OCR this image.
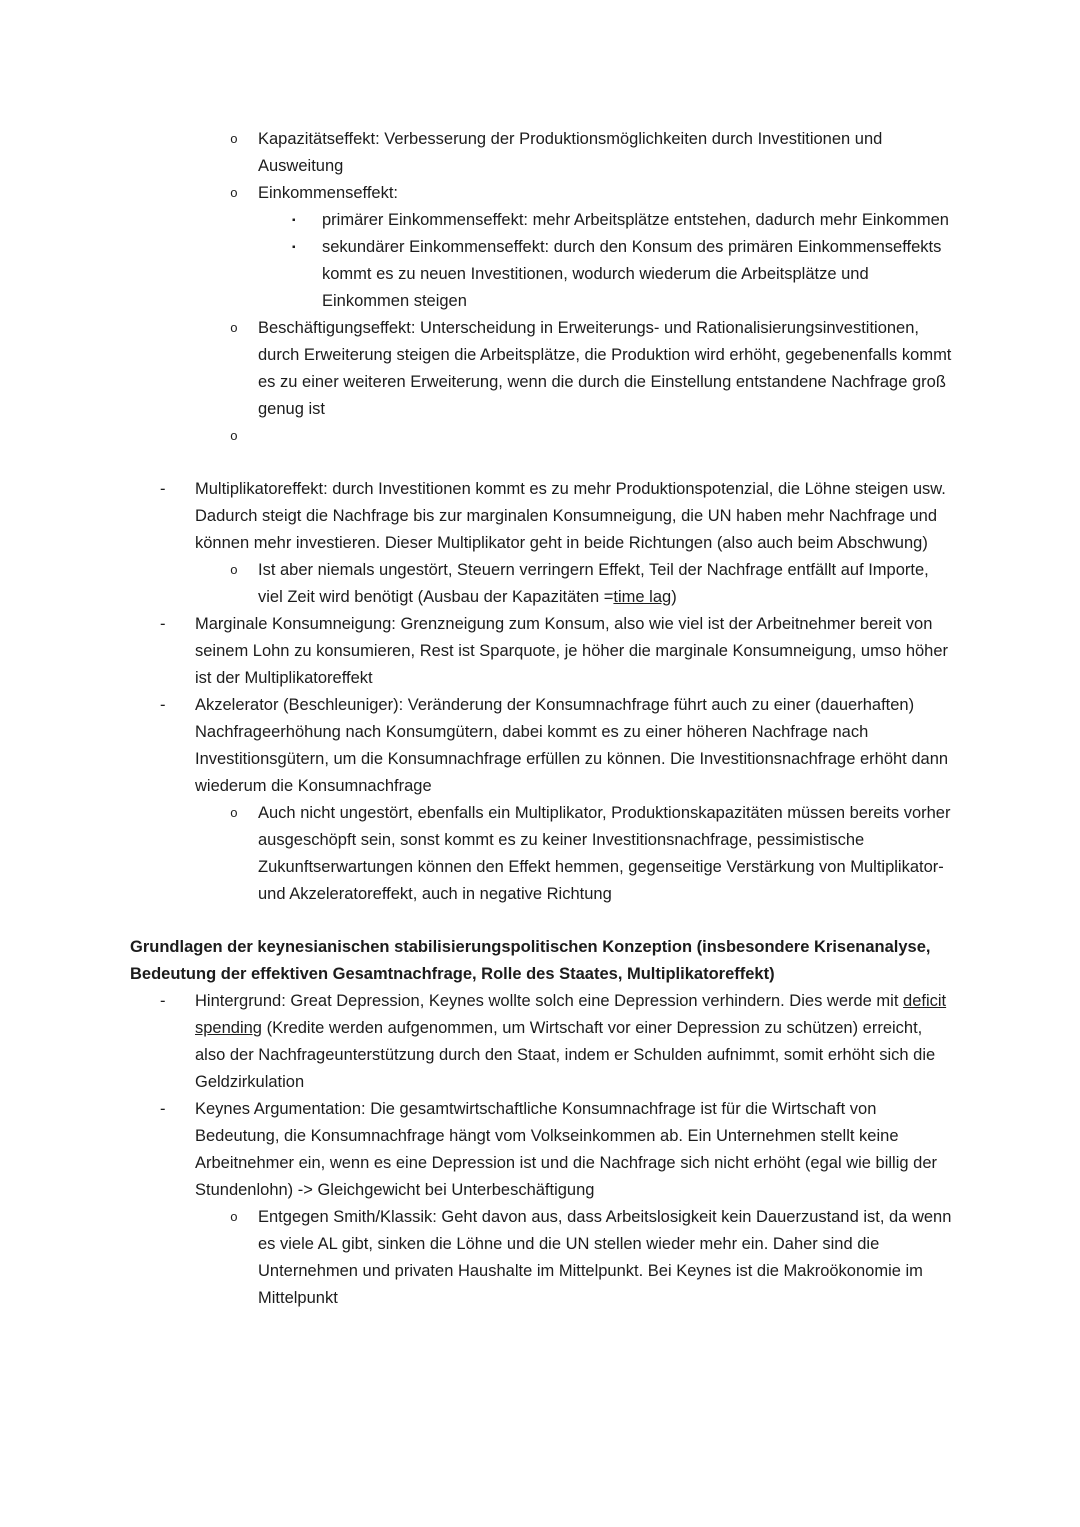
o Kapazitätseffekt: Verbesserung der Produktionsmöglichkeiten durch Investitionen und Ausweitung
o Einkommenseffekt:
▪ primärer Einkommenseffekt: mehr Arbeitsplätze entstehen, dadurch mehr Einkommen
▪ sekundärer Einkommenseffekt: durch den Konsum des primären Einkommenseffekts kommt es zu neuen Investitionen, wodurch wiederum die Arbeitsplätze und Einkommen steigen
o Beschäftigungseffekt: Unterscheidung in Erweiterungs- und Rationalisierungsinvestitionen, durch Erweiterung steigen die Arbeitsplätze, die Produktion wird erhöht, gegebenenfalls kommt es zu einer weiteren Erweiterung, wenn die durch die Einstellung entstandene Nachfrage groß genug ist
o
- Multiplikatoreffekt: durch Investitionen kommt es zu mehr Produktionspotenzial, die Löhne steigen usw. Dadurch steigt die Nachfrage bis zur marginalen Konsumneigung, die UN haben mehr Nachfrage und können mehr investieren. Dieser Multiplikator geht in beide Richtungen (also auch beim Abschwung)
o Ist aber niemals ungestört, Steuern verringern Effekt, Teil der Nachfrage entfällt auf Importe, viel Zeit wird benötigt (Ausbau der Kapazitäten =time lag)
- Marginale Konsumneigung: Grenzneigung zum Konsum, also wie viel ist der Arbeitnehmer bereit von seinem Lohn zu konsumieren, Rest ist Sparquote, je höher die marginale Konsumneigung, umso höher ist der Multiplikatoreffekt
- Akzelerator (Beschleuniger): Veränderung der Konsumnachfrage führt auch zu einer (dauerhaften) Nachfrageerhöhung nach Konsumgütern, dabei kommt es zu einer höheren Nachfrage nach Investitionsgütern, um die Konsumnachfrage erfüllen zu können. Die Investitionsnachfrage erhöht dann wiederum die Konsumnachfrage
o Auch nicht ungestört, ebenfalls ein Multiplikator, Produktionskapazitäten müssen bereits vorher ausgeschöpft sein, sonst kommt es zu keiner Investitionsnachfrage, pessimistische Zukunftserwartungen können den Effekt hemmen, gegenseitige Verstärkung von Multiplikator- und Akzeleratoreffekt, auch in negative Richtung
Grundlagen der keynesianischen stabilisierungspolitischen Konzeption (insbesondere Krisenanalyse, Bedeutung der effektiven Gesamtnachfrage, Rolle des Staates, Multiplikatoreffekt)
- Hintergrund: Great Depression, Keynes wollte solch eine Depression verhindern. Dies werde mit deficit spending (Kredite werden aufgenommen, um Wirtschaft vor einer Depression zu schützen) erreicht, also der Nachfrageunterstützung durch den Staat, indem er Schulden aufnimmt, somit erhöht sich die Geldzirkulation
- Keynes Argumentation: Die gesamtwirtschaftliche Konsumnachfrage ist für die Wirtschaft von Bedeutung, die Konsumnachfrage hängt vom Volkseinkommen ab. Ein Unternehmen stellt keine Arbeitnehmer ein, wenn es eine Depression ist und die Nachfrage sich nicht erhöht (egal wie billig der Stundenlohn) -> Gleichgewicht bei Unterbeschäftigung
o Entgegen Smith/Klassik: Geht davon aus, dass Arbeitslosigkeit kein Dauerzustand ist, da wenn es viele AL gibt, sinken die Löhne und die UN stellen wieder mehr ein. Daher sind die Unternehmen und privaten Haushalte im Mittelpunkt. Bei Keynes ist die Makroökonomie im Mittelpunkt
